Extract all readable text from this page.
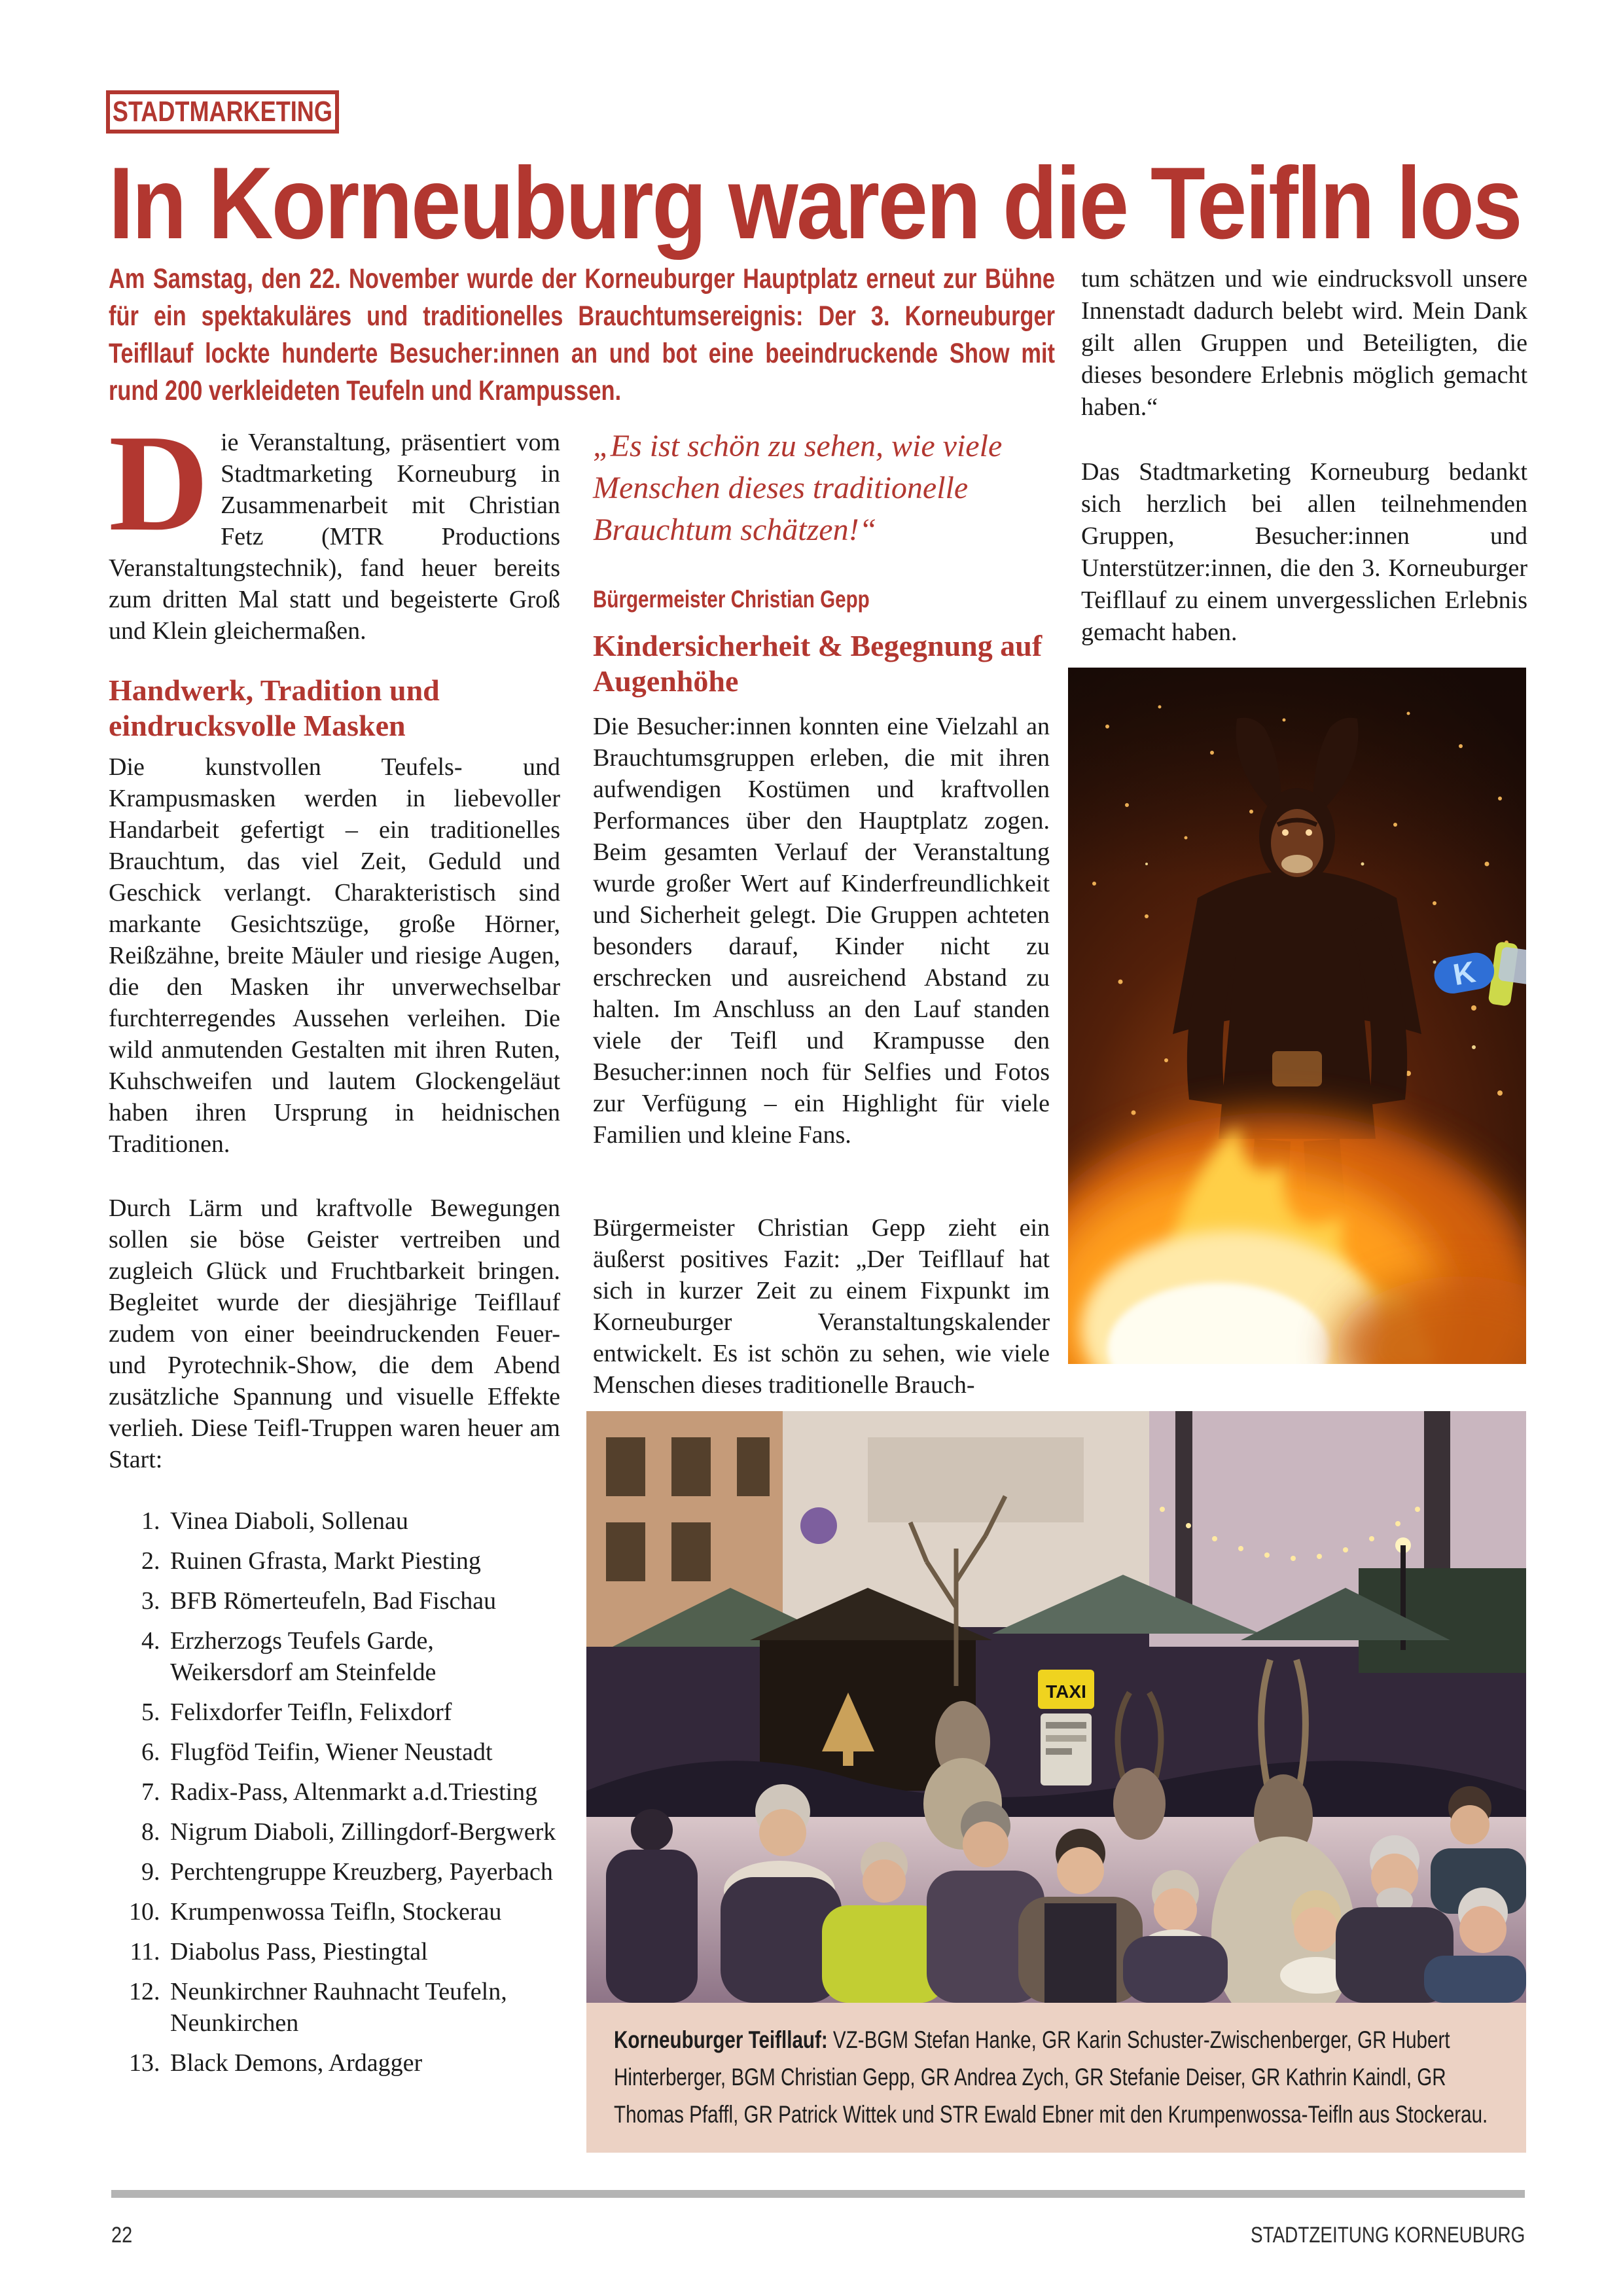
STADTMARKETING
In Korneuburg waren die Teifln los
Am Samstag, den 22. November wurde der Korneuburger Hauptplatz erneut zur Bühne für ein spektakuläres und traditionelles Brauchtumsereignis: Der 3. Korneuburger Teifllauf lockte hunderte Besucher:innen an und bot eine beeindruckende Show mit rund 200 verkleideten Teufeln und Krampussen.

tum schätzen und wie eindrucksvoll unsere Innenstadt dadurch belebt wird. Mein Dank gilt allen Gruppen und Beteiligten, die dieses besondere Erlebnis möglich gemacht haben.“

Das Stadtmarketing Korneuburg bedankt sich herzlich bei allen teilnehmenden Gruppen, Besucher:innen und Unterstützer:innen, die den 3. Korneuburger Teifllauf zu einem unvergesslichen Erlebnis gemacht haben.

Die Veranstaltung, präsentiert vom Stadtmarketing Korneuburg in Zusammenarbeit mit Christian Fetz (MTR Productions Veranstaltungstechnik), fand heuer bereits zum dritten Mal statt und begeisterte Groß und Klein gleichermaßen.

Handwerk, Tradition und eindrucksvolle Masken

Die kunstvollen Teufels- und Krampusmasken werden in liebevoller Handarbeit gefertigt – ein traditionelles Brauchtum, das viel Zeit, Geduld und Geschick verlangt. Charakteristisch sind markante Gesichtszüge, große Hörner, Reißzähne, breite Mäuler und riesige Augen, die den Masken ihr unverwechselbar furchterregendes Aussehen verleihen. Die wild anmutenden Gestalten mit ihren Ruten, Kuhschweifen und lautem Glockengeläut haben ihren Ursprung in heidnischen Traditionen.

Durch Lärm und kraftvolle Bewegungen sollen sie böse Geister vertreiben und zugleich Glück und Fruchtbarkeit bringen. Begleitet wurde der diesjährige Teifllauf zudem von einer beeindruckenden Feuer- und Pyrotechnik-Show, die dem Abend zusätzliche Spannung und visuelle Effekte verlieh. Diese Teifl-Truppen waren heuer am Start:

1. Vinea Diaboli, Sollenau
2. Ruinen Gfrasta, Markt Piesting
3. BFB Römerteufeln, Bad Fischau
4. Erzherzogs Teufels Garde, Weikersdorf am Steinfelde
5. Felixdorfer Teifln, Felixdorf
6. Flugföd Teifin, Wiener Neustadt
7. Radix-Pass, Altenmarkt a.d.Triesting
8. Nigrum Diaboli, Zillingdorf-Bergwerk
9. Perchtengruppe Kreuzberg, Payerbach
10. Krumpenwossa Teifln, Stockerau
11. Diabolus Pass, Piestingtal
12. Neunkirchner Rauhnacht Teufeln, Neunkirchen
13. Black Demons, Ardagger

„Es ist schön zu sehen, wie viele Menschen dieses traditionelle Brauchtum schätzen!“

Bürgermeister Christian Gepp
Kindersicherheit & Begegnung auf Augenhöhe

Die Besucher:innen konnten eine Vielzahl an Brauchtumsgruppen erleben, die mit ihren aufwendigen Kostümen und kraftvollen Performances über den Hauptplatz zogen. Beim gesamten Verlauf der Veranstaltung wurde großer Wert auf Kinderfreundlichkeit und Sicherheit gelegt. Die Gruppen achteten besonders darauf, Kinder nicht zu erschrecken und ausreichend Abstand zu halten. Im Anschluss an den Lauf standen viele der Teifl und Krampusse den Besucher:innen noch für Selfies und Fotos zur Verfügung – ein Highlight für viele Familien und kleine Fans.

Bürgermeister Christian Gepp zieht ein äußerst positives Fazit: „Der Teifllauf hat sich in kurzer Zeit zu einem Fixpunkt im Korneuburger Veranstaltungskalender entwickelt. Es ist schön zu sehen, wie viele Menschen dieses traditionelle Brauch-

K
TAXI
Korneuburger Teifllauf: VZ-BGM Stefan Hanke, GR Karin Schuster-Zwischenberger, GR Hubert Hinterberger, BGM Christian Gepp, GR Andrea Zych, GR Stefanie Deiser, GR Kathrin Kaindl, GR Thomas Pfaffl, GR Patrick Wittek und STR Ewald Ebner mit den Krumpenwossa-Teifln aus Stockerau.
22	STADTZEITUNG KORNEUBURG
